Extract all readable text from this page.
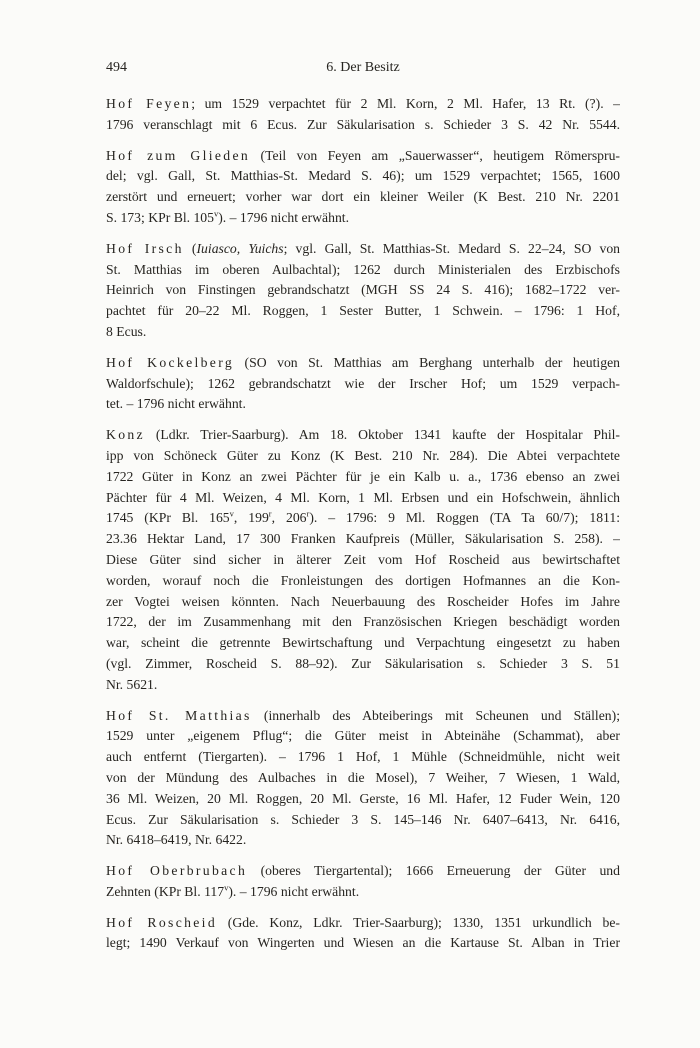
494	6. Der Besitz

Hof Feyen; um 1529 verpachtet für 2 Ml. Korn, 2 Ml. Hafer, 13 Rt. (?). –
1796 veranschlagt mit 6 Ecus. Zur Säkularisation s. Schieder 3 S. 42 Nr. 5544.

Hof zum Glieden (Teil von Feyen am „Sauerwasser“, heutigem Römerspru-
del; vgl. Gall, St. Matthias-St. Medard S. 46); um 1529 verpachtet; 1565, 1600
zerstört und erneuert; vorher war dort ein kleiner Weiler (K Best. 210 Nr. 2201
S. 173; KPr Bl. 105$^v$). – 1796 nicht erwähnt.

Hof Irsch (Iuiasco, Yuichs; vgl. Gall, St. Matthias-St. Medard S. 22–24, SO von
St. Matthias im oberen Aulbachtal); 1262 durch Ministerialen des Erzbischofs
Heinrich von Finstingen gebrandschatzt (MGH SS 24 S. 416); 1682–1722 ver-
pachtet für 20–22 Ml. Roggen, 1 Sester Butter, 1 Schwein. – 1796: 1 Hof,
8 Ecus.

Hof Kockelberg (SO von St. Matthias am Berghang unterhalb der heutigen
Waldorfschule); 1262 gebrandschatzt wie der Irscher Hof; um 1529 verpach-
tet. – 1796 nicht erwähnt.

Konz (Ldkr. Trier-Saarburg). Am 18. Oktober 1341 kaufte der Hospitalar Phil-
ipp von Schöneck Güter zu Konz (K Best. 210 Nr. 284). Die Abtei verpachtete
1722 Güter in Konz an zwei Pächter für je ein Kalb u. a., 1736 ebenso an zwei
Pächter für 4 Ml. Weizen, 4 Ml. Korn, 1 Ml. Erbsen und ein Hofschwein, ähnlich
1745 (KPr Bl. 165$^v$, 199$^r$, 206$^r$). – 1796: 9 Ml. Roggen (TA Ta 60/7); 1811:
23.36 Hektar Land, 17 300 Franken Kaufpreis (Müller, Säkularisation S. 258). –
Diese Güter sind sicher in älterer Zeit vom Hof Roscheid aus bewirtschaftet
worden, worauf noch die Fronleistungen des dortigen Hofmannes an die Kon-
zer Vogtei weisen könnten. Nach Neuerbauung des Roscheider Hofes im Jahre
1722, der im Zusammenhang mit den Französischen Kriegen beschädigt worden
war, scheint die getrennte Bewirtschaftung und Verpachtung eingesetzt zu haben
(vgl. Zimmer, Roscheid S. 88–92). Zur Säkularisation s. Schieder 3 S. 51
Nr. 5621.

Hof St. Matthias (innerhalb des Abteiberings mit Scheunen und Ställen);
1529 unter „eigenem Pflug“; die Güter meist in Abteinähe (Schammat), aber
auch entfernt (Tiergarten). – 1796 1 Hof, 1 Mühle (Schneidmühle, nicht weit
von der Mündung des Aulbaches in die Mosel), 7 Weiher, 7 Wiesen, 1 Wald,
36 Ml. Weizen, 20 Ml. Roggen, 20 Ml. Gerste, 16 Ml. Hafer, 12 Fuder Wein, 120
Ecus. Zur Säkularisation s. Schieder 3 S. 145–146 Nr. 6407–6413, Nr. 6416,
Nr. 6418–6419, Nr. 6422.

Hof Oberbrubach (oberes Tiergartental); 1666 Erneuerung der Güter und
Zehnten (KPr Bl. 117$^v$). – 1796 nicht erwähnt.

Hof Roscheid (Gde. Konz, Ldkr. Trier-Saarburg); 1330, 1351 urkundlich be-
legt; 1490 Verkauf von Wingerten und Wiesen an die Kartause St. Alban in Trier
